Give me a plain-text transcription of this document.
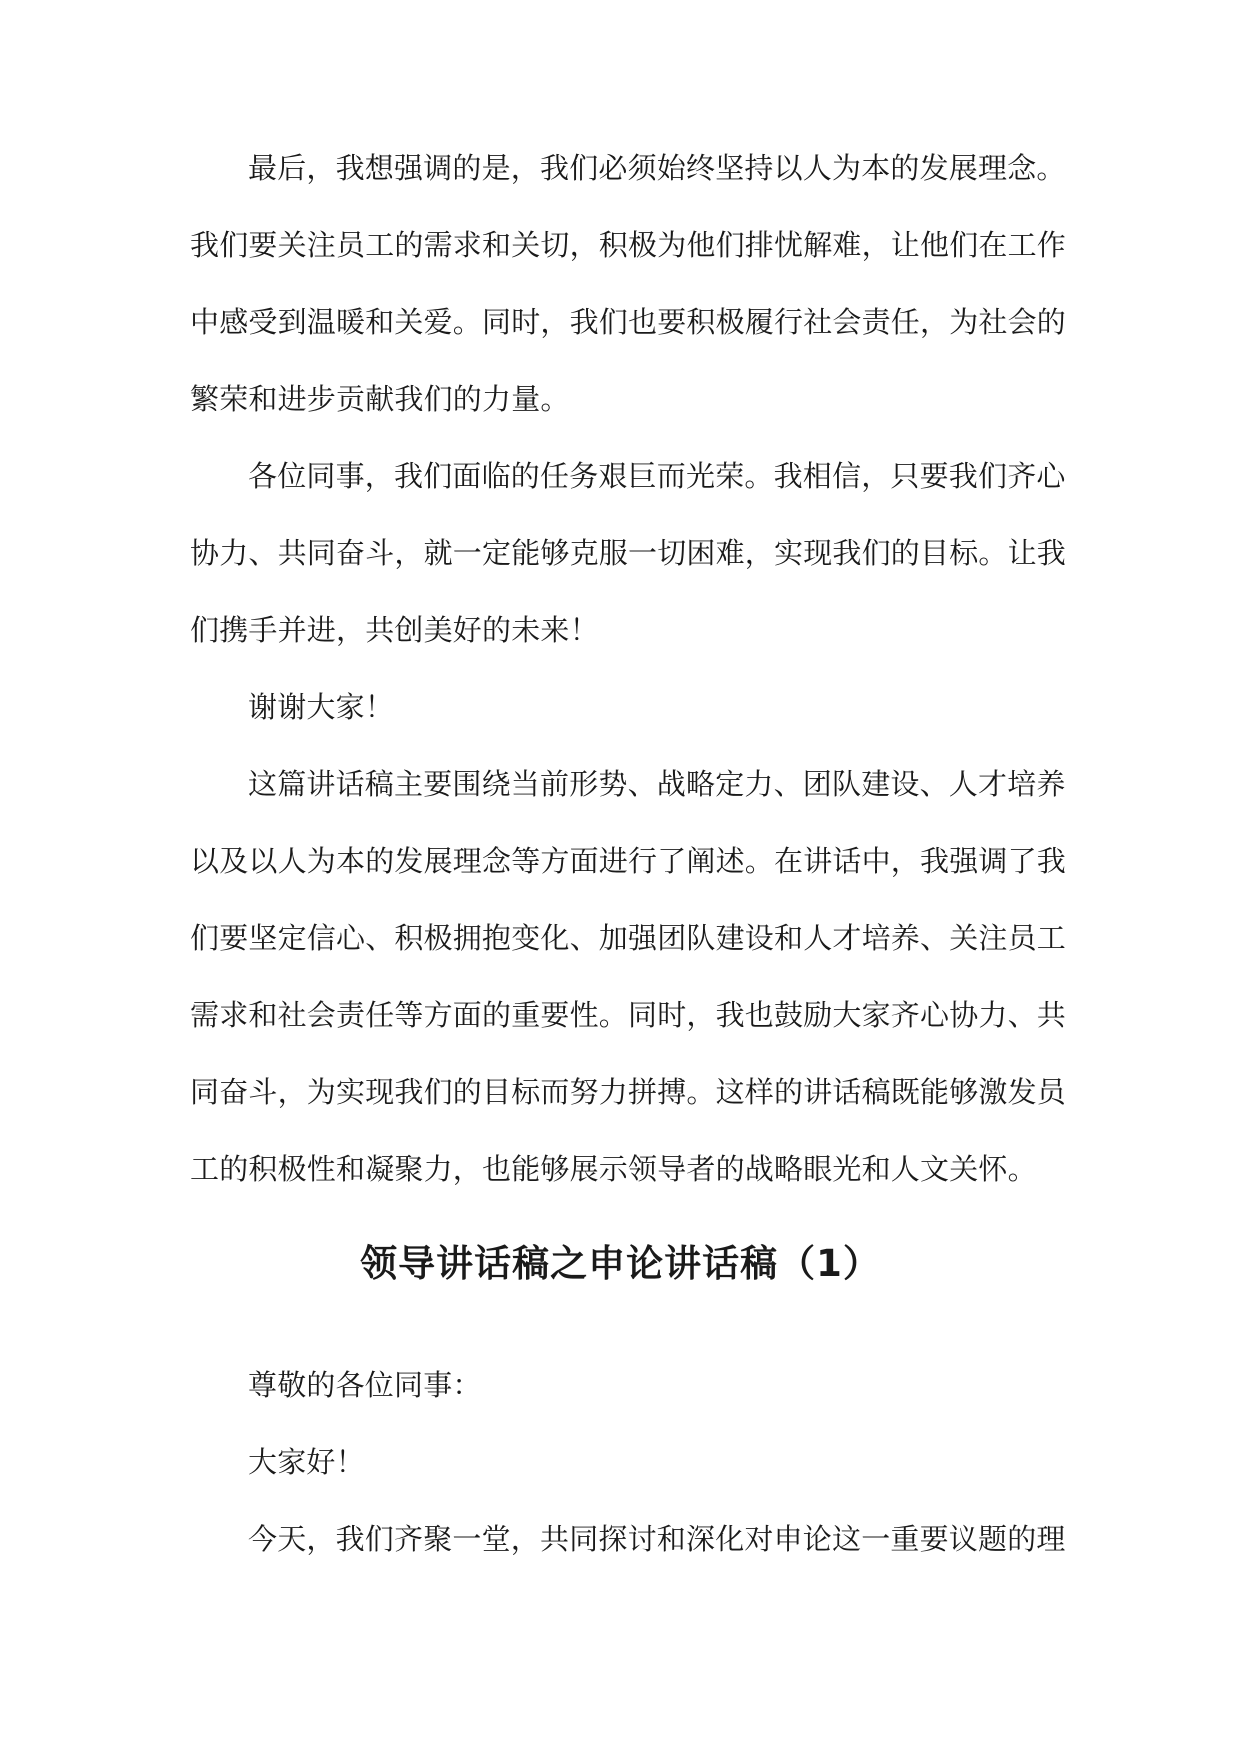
最后，我想强调的是，我们必须始终坚持以人为本的发展理念。
我们要关注员工的需求和关切，积极为他们排忧解难，让他们在工作
中感受到温暖和关爱。同时，我们也要积极履行社会责任，为社会的
繁荣和进步贡献我们的力量。
各位同事，我们面临的任务艰巨而光荣。我相信，只要我们齐心
协力、共同奋斗，就一定能够克服一切困难，实现我们的目标。让我
们携手并进，共创美好的未来！
谢谢大家！
这篇讲话稿主要围绕当前形势、战略定力、团队建设、人才培养
以及以人为本的发展理念等方面进行了阐述。在讲话中，我强调了我
们要坚定信心、积极拥抱变化、加强团队建设和人才培养、关注员工
需求和社会责任等方面的重要性。同时，我也鼓励大家齐心协力、共
同奋斗，为实现我们的目标而努力拼搏。这样的讲话稿既能够激发员
工的积极性和凝聚力，也能够展示领导者的战略眼光和人文关怀。
领导讲话稿之申论讲话稿（1）
尊敬的各位同事：
大家好！
今天，我们齐聚一堂，共同探讨和深化对申论这一重要议题的理
